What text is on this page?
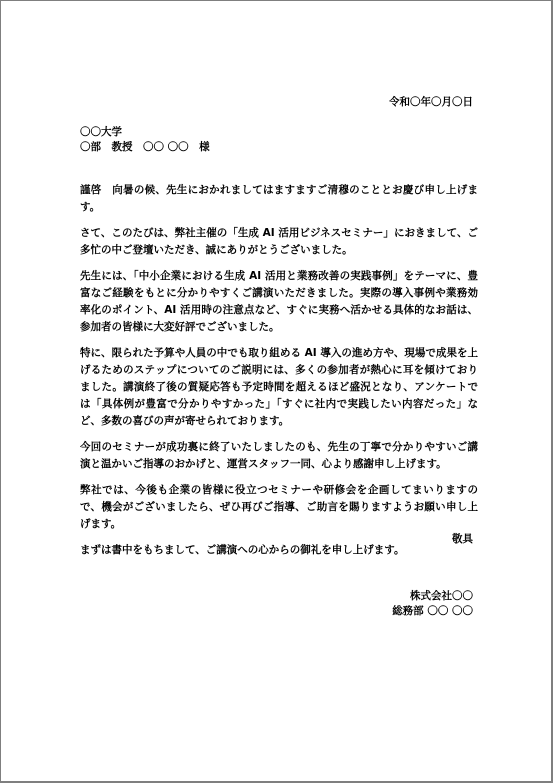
令和〇年〇月〇日
〇〇大学
〇部　教授　〇〇 〇〇　様

謹啓　向暑の候、先生におかれましてはますますご清穆のこととお慶び申し上げます。

さて、このたびは、弊社主催の「生成 AI 活用ビジネスセミナー」におきまして、ご多忙の中ご登壇いただき、誠にありがとうございました。

先生には、「中小企業における生成 AI 活用と業務改善の実践事例」をテーマに、豊富なご経験をもとに分かりやすくご講演いただきました。実際の導入事例や業務効率化のポイント、AI 活用時の注意点など、すぐに実務へ活かせる具体的なお話は、参加者の皆様に大変好評でございました。

特に、限られた予算や人員の中でも取り組める AI 導入の進め方や、現場で成果を上げるためのステップについてのご説明には、多くの参加者が熱心に耳を傾けておりました。講演終了後の質疑応答も予定時間を超えるほど盛況となり、アンケートでは「具体例が豊富で分かりやすかった」「すぐに社内で実践したい内容だった」など、多数の喜びの声が寄せられております。

今回のセミナーが成功裏に終了いたしましたのも、先生の丁寧で分かりやすいご講演と温かいご指導のおかげと、運営スタッフ一同、心より感謝申し上げます。

弊社では、今後も企業の皆様に役立つセミナーや研修会を企画してまいりますので、機会がございましたら、ぜひ再びご指導、ご助言を賜りますようお願い申し上げます。

まずは書中をもちまして、ご講演への心からの御礼を申し上げます。

敬具
株式会社〇〇
総務部 〇〇 〇〇
